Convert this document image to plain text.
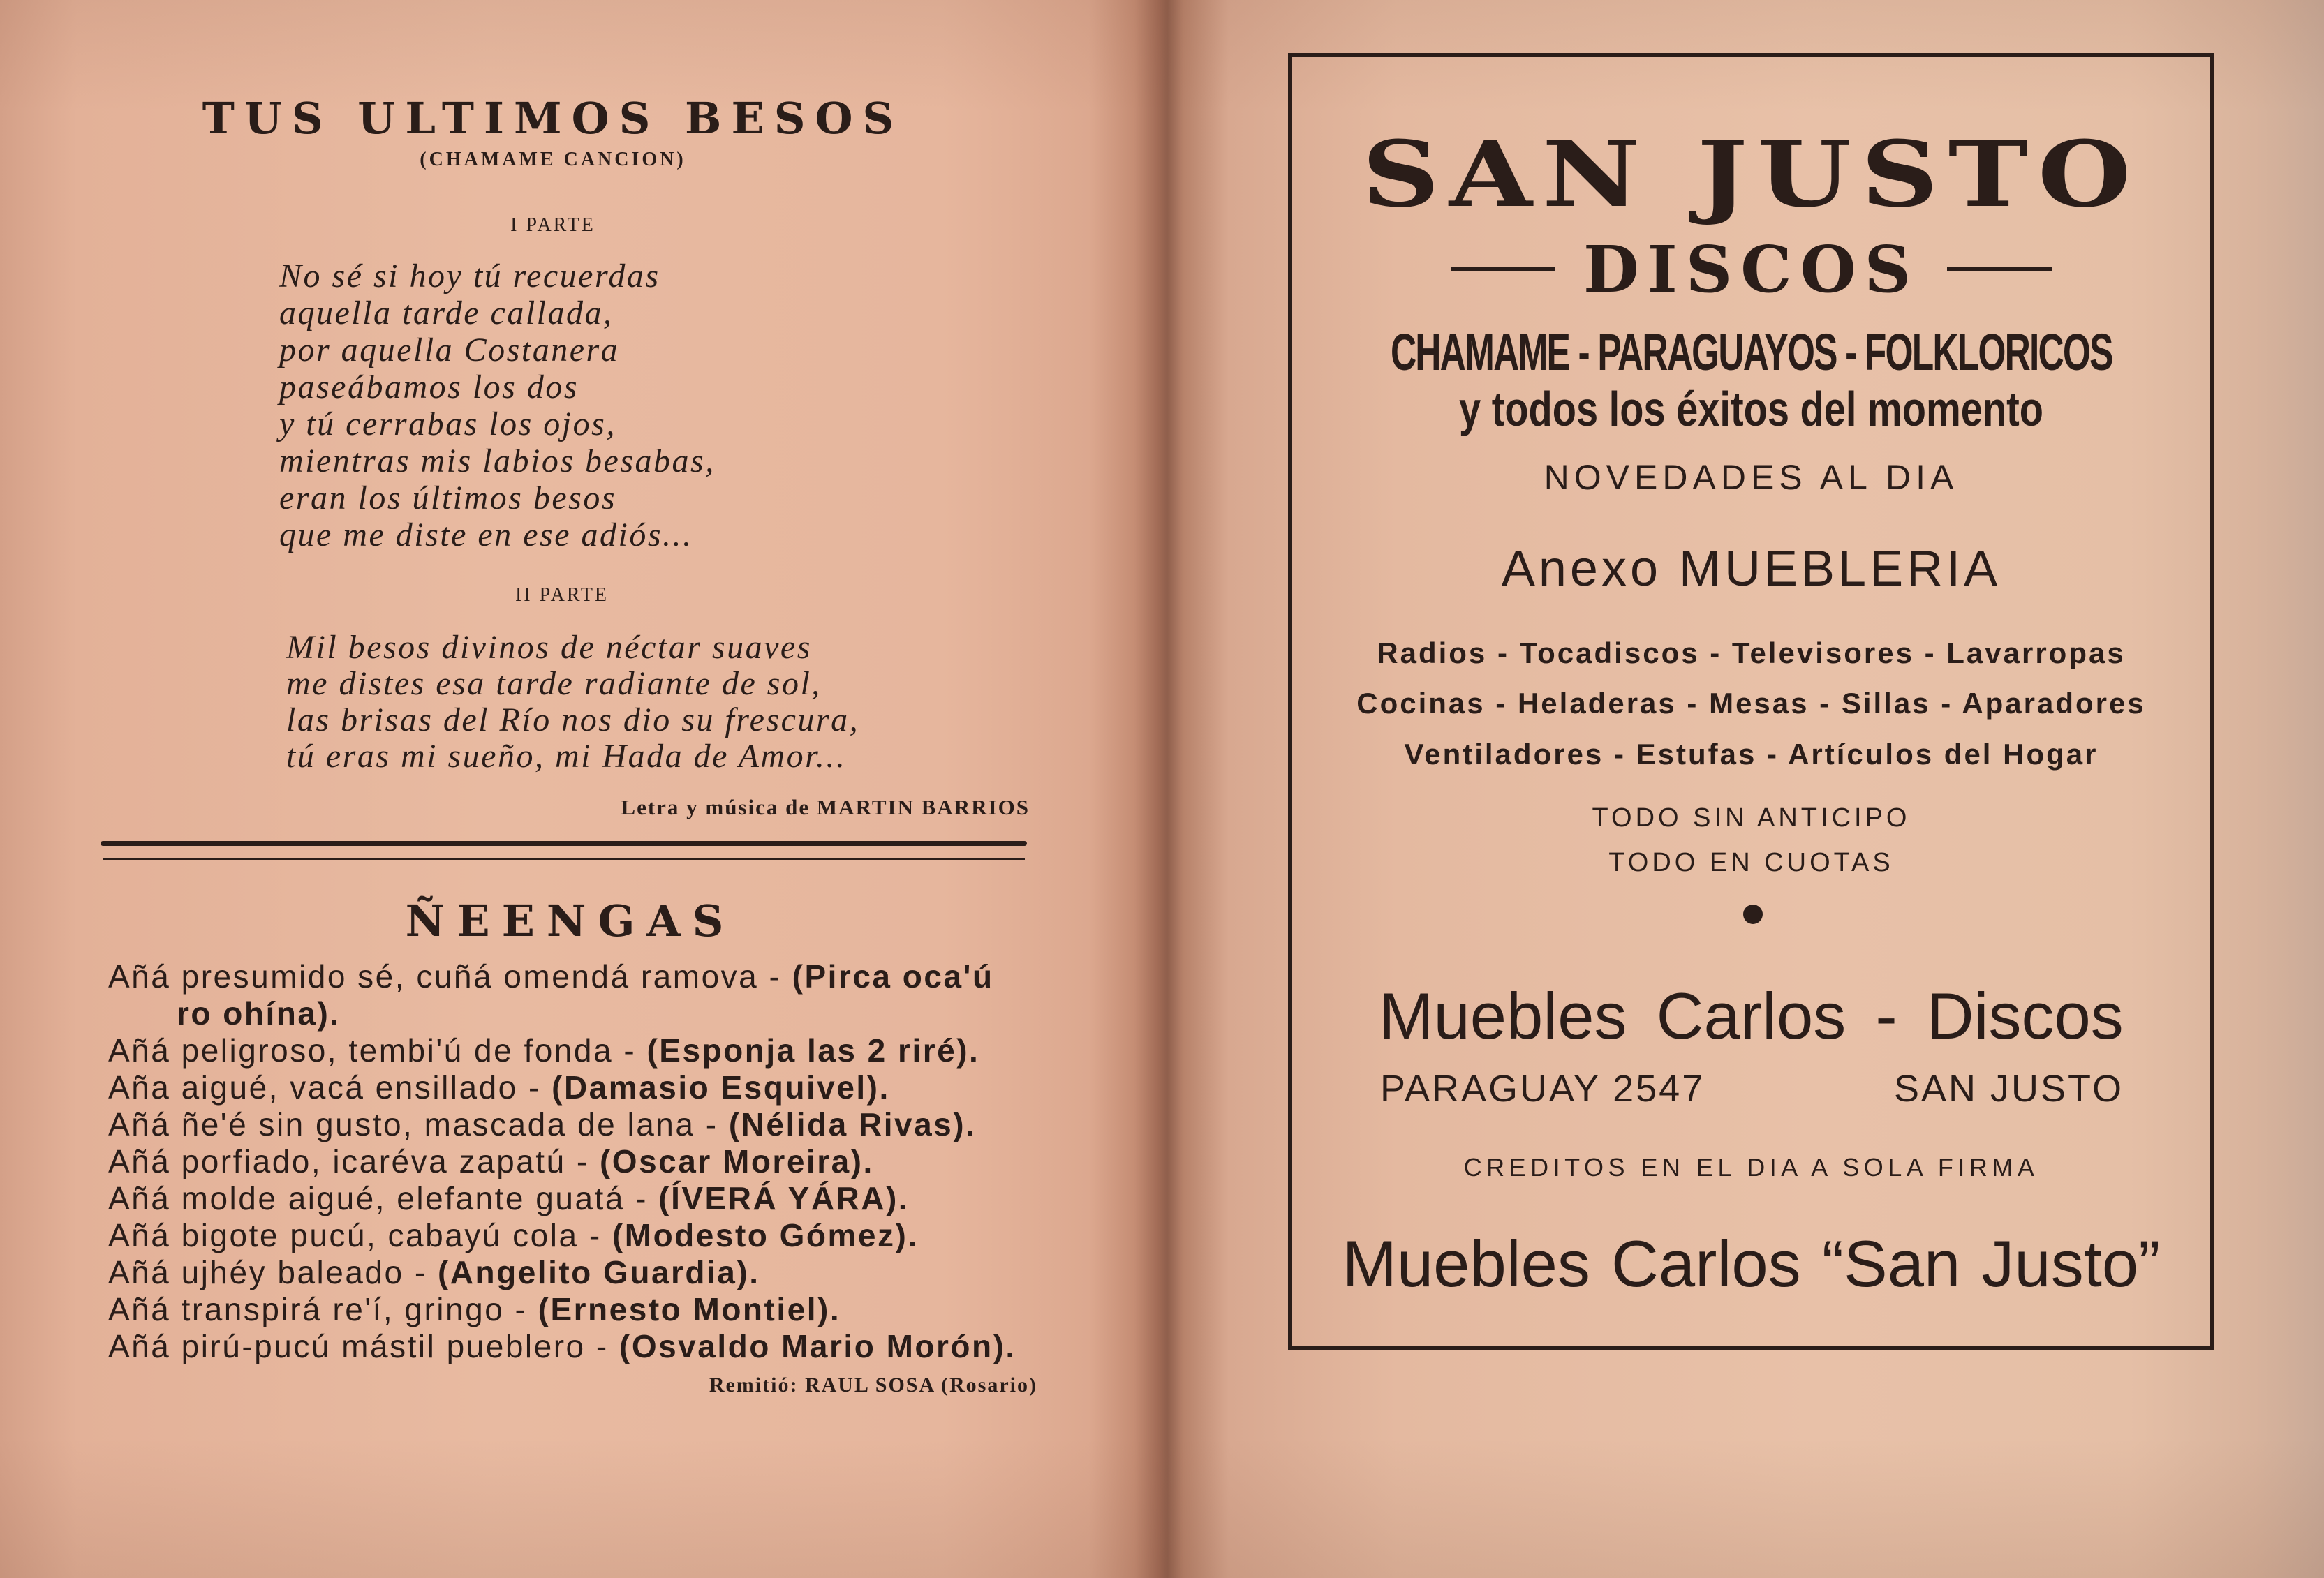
TUS ULTIMOS BESOS
(CHAMAME CANCION)
I PARTE
No sé si hoy tú recuerdas
aquella tarde callada,
por aquella Costanera
paseábamos los dos
y tú cerrabas los ojos,
mientras mis labios besabas,
eran los últimos besos
que me diste en ese adiós...
II PARTE
Mil besos divinos de néctar suaves
me distes esa tarde radiante de sol,
las brisas del Río nos dio su frescura,
tú eras mi sueño, mi Hada de Amor...
Letra y música de MARTIN BARRIOS
ÑEENGAS
Añá presumido sé, cuñá omendá ramova - (Pirca oca'ú
ro ohína).
Añá peligroso, tembi'ú de fonda - (Esponja las 2 riré).
Aña aigué, vacá ensillado - (Damasio Esquivel).
Añá ñe'é sin gusto, mascada de lana - (Nélida Rivas).
Añá porfiado, icaréva zapatú - (Oscar Moreira).
Añá molde aigué, elefante guatá - (ÍVERÁ YÁRA).
Añá bigote pucú, cabayú cola - (Modesto Gómez).
Añá ujhéy baleado - (Angelito Guardia).
Añá transpirá re'í, gringo - (Ernesto Montiel).
Añá pirú-pucú mástil pueblero - (Osvaldo Mario Morón).
Remitió: RAUL SOSA (Rosario)
SAN JUSTO
DISCOS
CHAMAME - PARAGUAYOS - FOLKLORICOS
y todos los éxitos del momento
NOVEDADES AL DIA
Anexo MUEBLERIA
Radios - Tocadiscos - Televisores - Lavarropas
Cocinas - Heladeras - Mesas - Sillas - Aparadores
Ventiladores - Estufas - Artículos del Hogar
TODO SIN ANTICIPO
TODO EN CUOTAS
Muebles Carlos - Discos
PARAGUAY 2547	SAN JUSTO
CREDITOS EN EL DIA A SOLA FIRMA
Muebles Carlos “San Justo”
